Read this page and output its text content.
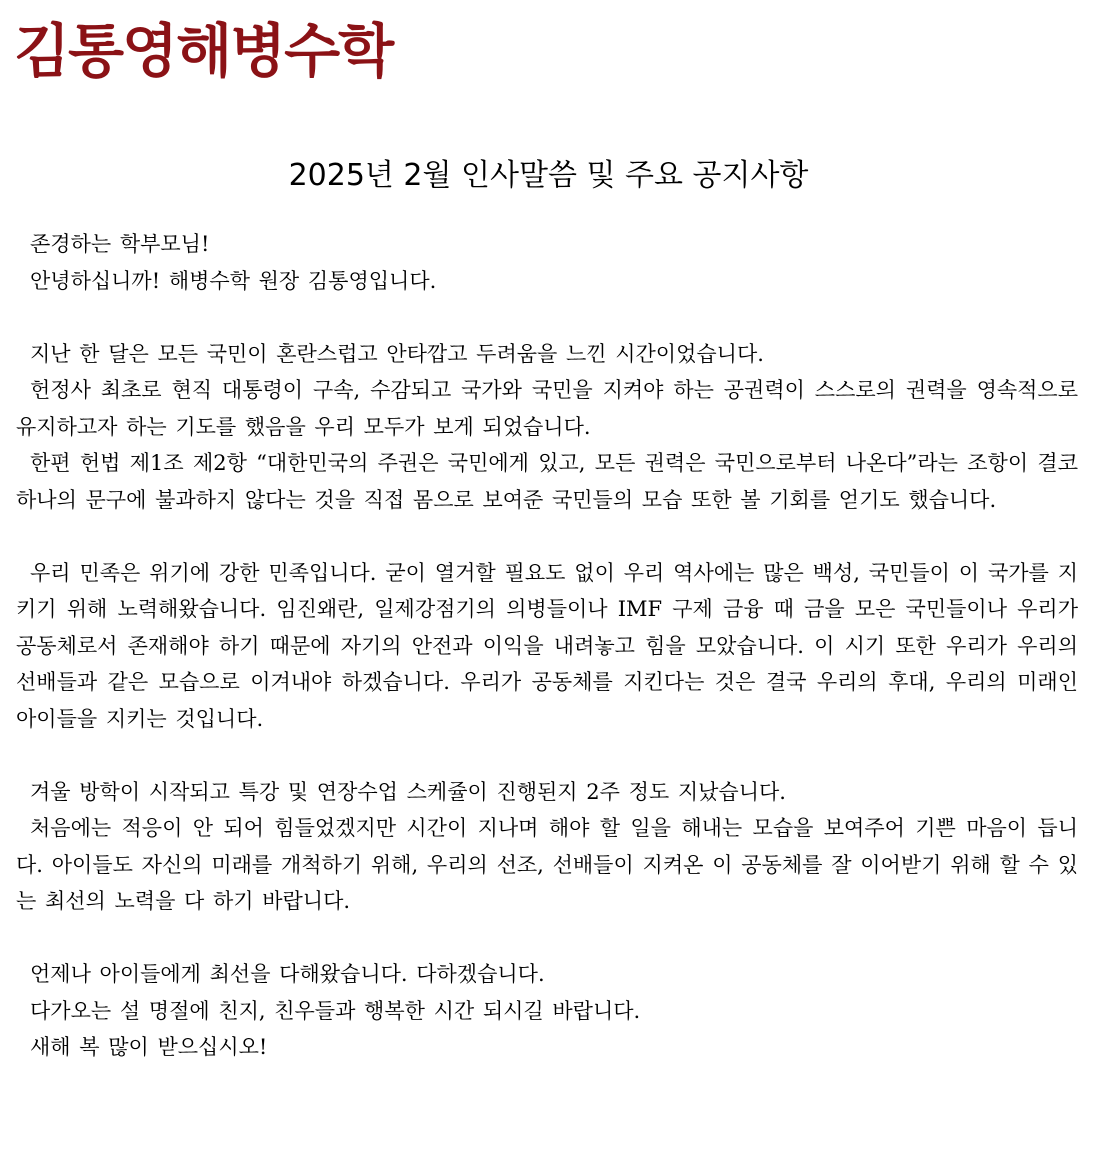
김통영해병수학
2025년 2월 인사말씀 및 주요 공지사항

존경하는 학부모님!

안녕하십니까! 해병수학 원장 김통영입니다.

지난 한 달은 모든 국민이 혼란스럽고 안타깝고 두려움을 느낀 시간이었습니다.

헌정사 최초로 현직 대통령이 구속, 수감되고 국가와 국민을 지켜야 하는 공권력이 스스로의 권력을 영속적으로 유지하고자 하는 기도를 했음을 우리 모두가 보게 되었습니다.

한편 헌법 제1조 제2항 “대한민국의 주권은 국민에게 있고, 모든 권력은 국민으로부터 나온다”라는 조항이 결코 하나의 문구에 불과하지 않다는 것을 직접 몸으로 보여준 국민들의 모습 또한 볼 기회를 얻기도 했습니다.

우리 민족은 위기에 강한 민족입니다. 굳이 열거할 필요도 없이 우리 역사에는 많은 백성, 국민들이 이 국가를 지키기 위해 노력해왔습니다. 임진왜란, 일제강점기의 의병들이나 IMF 구제 금융 때 금을 모은 국민들이나 우리가 공동체로서 존재해야 하기 때문에 자기의 안전과 이익을 내려놓고 힘을 모았습니다. 이 시기 또한 우리가 우리의 선배들과 같은 모습으로 이겨내야 하겠습니다. 우리가 공동체를 지킨다는 것은 결국 우리의 후대, 우리의 미래인 아이들을 지키는 것입니다.

겨울 방학이 시작되고 특강 및 연장수업 스케쥴이 진행된지 2주 정도 지났습니다.

처음에는 적응이 안 되어 힘들었겠지만 시간이 지나며 해야 할 일을 해내는 모습을 보여주어 기쁜 마음이 듭니다. 아이들도 자신의 미래를 개척하기 위해, 우리의 선조, 선배들이 지켜온 이 공동체를 잘 이어받기 위해 할 수 있는 최선의 노력을 다 하기 바랍니다.

언제나 아이들에게 최선을 다해왔습니다. 다하겠습니다.

다가오는 설 명절에 친지, 친우들과 행복한 시간 되시길 바랍니다.

새해 복 많이 받으십시오!
